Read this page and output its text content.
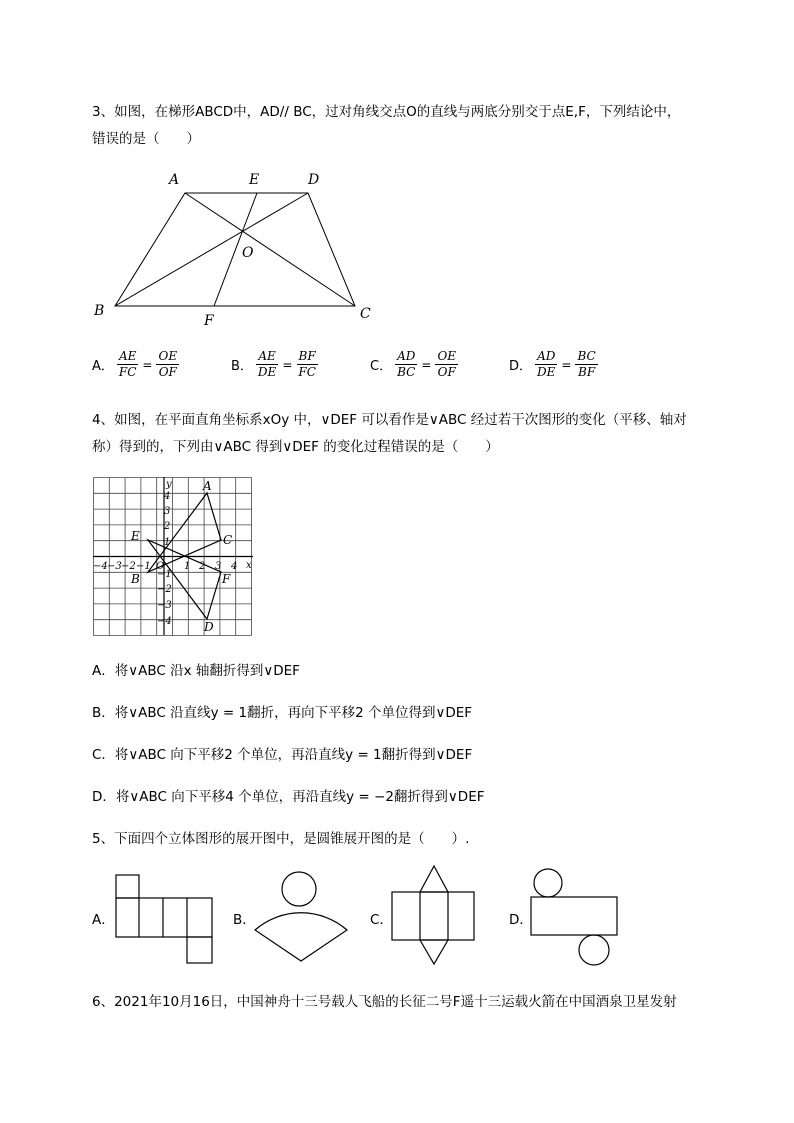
3、如图，在梯形ABCD中，AD// BC，过对角线交点O的直线与两底分别交于点E,F，下列结论中，
错误的是（　　）
A	E	D
O
B
F	C
A． $\frac{AE}{FC} = \frac{OE}{OF}$	B． $\frac{AE}{DE} = \frac{BF}{FC}$	C． $\frac{AD}{BC} = \frac{OE}{OF}$	D． $\frac{AD}{DE} = \frac{BC}{BF}$
4、如图，在平面直角坐标系xOy 中，∨DEF 可以看作是∨ABC 经过若干次图形的变化（平移、轴对
称）得到的，下列由∨ABC 得到∨DEF 的变化过程错误的是（　　）
x
y
O
−4 −3 −2 −1	1 2 3 4
4
3
2
1
−1
−2
−3
−4
A
B
C
D
E
F
A．将∨ABC 沿x 轴翻折得到∨DEF
B．将∨ABC 沿直线y = 1翻折，再向下平移2 个单位得到∨DEF
C．将∨ABC 向下平移2 个单位，再沿直线y = 1翻折得到∨DEF
D．将∨ABC 向下平移4 个单位，再沿直线y = −2翻折得到∨DEF
5、下面四个立体图形的展开图中，是圆锥展开图的是（　　）.
A．	B．	C．	D．
6、2021年10月16日，中国神舟十三号载人飞船的长征二号F遥十三运载火箭在中国酒泉卫星发射
